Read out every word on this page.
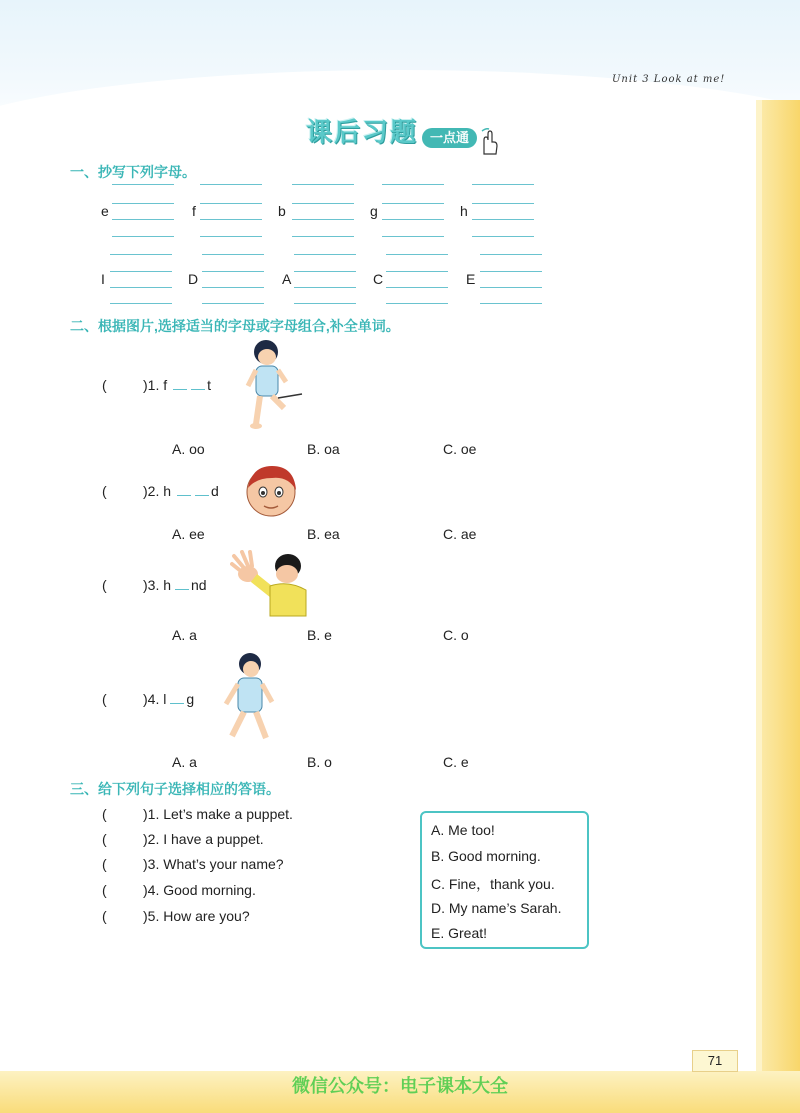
Unit 3 Look at me!
课后习题 一点通
一、抄写下列字母。
e	f	b	g	h
I	D	A	C	E
二、根据图片,选择适当的字母或字母组合,补全单词。
( )1. f	t
A. oo	B. oa	C. oe
( )2. h	d
A. ee	B. ea	C. ae
( )3. h nd
A. a	B. e	C. o
( )4. l g
A. a	B. o	C. e
三、给下列句子选择相应的答语。
( )1. Let’s make a puppet.
( )2. I have a puppet.
( )3. What’s your name?
( )4. Good morning.
( )5. How are you?
A. Me too!
B. Good morning.
C. Fine，thank you.
D. My name’s Sarah.
E. Great!
71
微信公众号：电子课本大全
